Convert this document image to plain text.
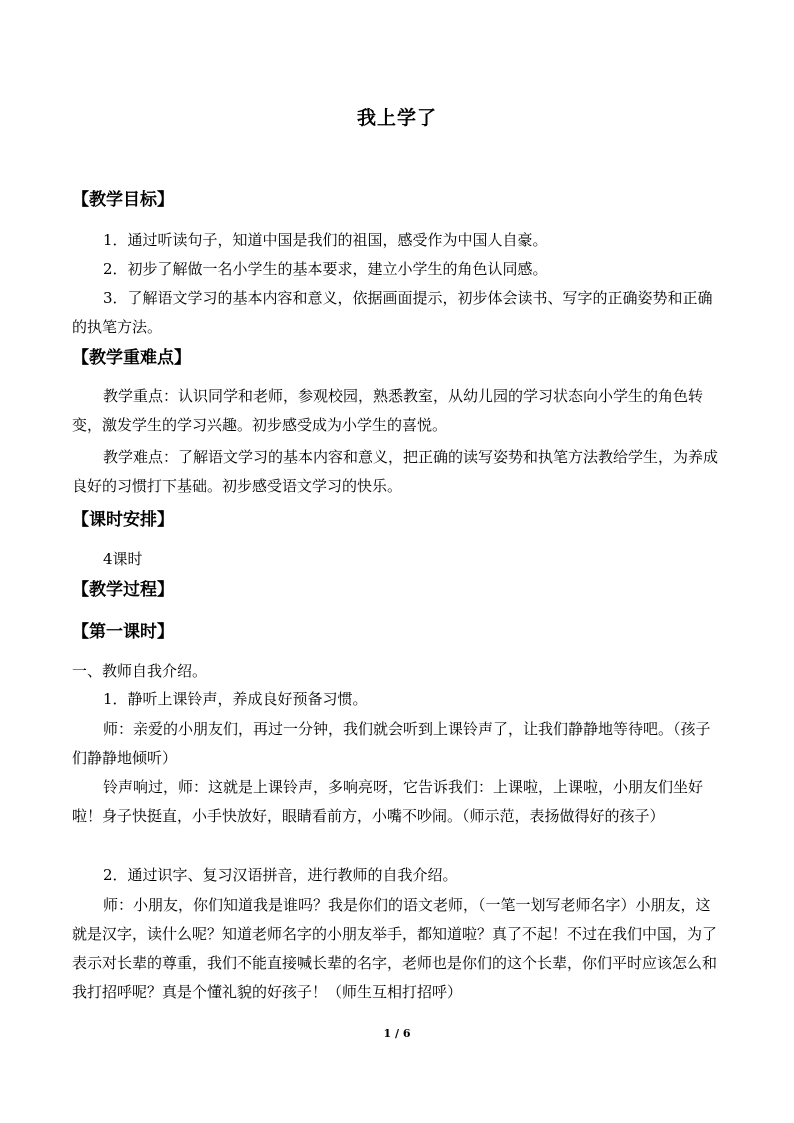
我上学了
【教学目标】
1．通过听读句子，知道中国是我们的祖国，感受作为中国人自豪。
2．初步了解做一名小学生的基本要求，建立小学生的角色认同感。
3．了解语文学习的基本内容和意义，依据画面提示，初步体会读书、写字的正确姿势和正确的执笔方法。
【教学重难点】
教学重点：认识同学和老师，参观校园，熟悉教室，从幼儿园的学习状态向小学生的角色转变，激发学生的学习兴趣。初步感受成为小学生的喜悦。
教学难点：了解语文学习的基本内容和意义，把正确的读写姿势和执笔方法教给学生，为养成良好的习惯打下基础。初步感受语文学习的快乐。
【课时安排】
4课时
【教学过程】
【第一课时】
一、教师自我介绍。
1．静听上课铃声，养成良好预备习惯。
师：亲爱的小朋友们，再过一分钟，我们就会听到上课铃声了，让我们静静地等待吧。（孩子们静静地倾听）
铃声响过，师：这就是上课铃声，多响亮呀，它告诉我们：上课啦，上课啦，小朋友们坐好啦！身子快挺直，小手快放好，眼睛看前方，小嘴不吵闹。（师示范，表扬做得好的孩子）
2．通过识字、复习汉语拼音，进行教师的自我介绍。
师：小朋友，你们知道我是谁吗？我是你们的语文老师，（一笔一划写老师名字）小朋友，这就是汉字，读什么呢？知道老师名字的小朋友举手，都知道啦？真了不起！不过在我们中国，为了表示对长辈的尊重，我们不能直接喊长辈的名字，老师也是你们的这个长辈，你们平时应该怎么和我打招呼呢？真是个懂礼貌的好孩子！（师生互相打招呼）
1 / 6
